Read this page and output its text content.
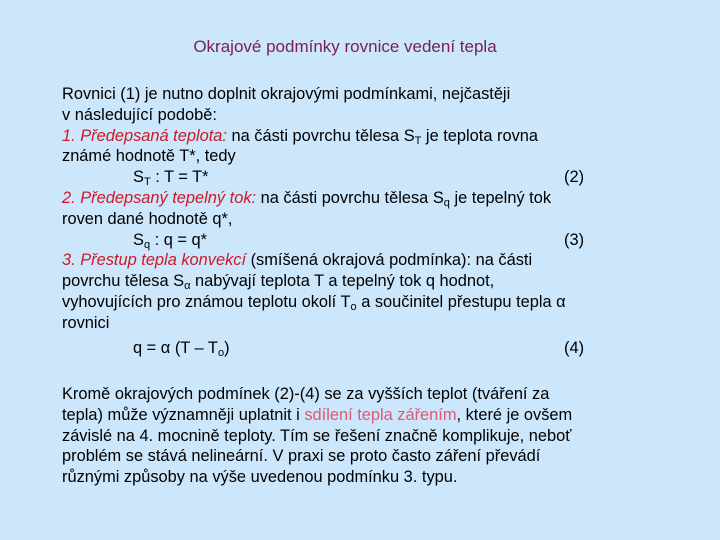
Okrajové podmínky rovnice vedení tepla
Rovnici (1) je nutno doplnit okrajovými podmínkami, nejčastěji
v následující podobě:
1. Předepsaná teplota: na části povrchu tělesa $S_T$ je teplota rovna
známé hodnotě T*, tedy
$S_T$ : T = T*	(2)
2. Předepsaný tepelný tok: na části povrchu tělesa $S_q$ je tepelný tok
roven dané hodnotě q*,
$S_q$ : q = q*	(3)
3. Přestup tepla konvekcí (smíšená okrajová podmínka): na části
povrchu tělesa $S_\alpha$ nabývají teplota T a tepelný tok q hodnot,
vyhovujících pro známou teplotu okolí $T_o$ a součinitel přestupu tepla α
rovnici
q = α $(T - T_o)$	(4)
Kromě okrajových podmínek (2)-(4) se za vyšších teplot (tváření za
tepla) může významněji uplatnit i sdílení tepla zářením, které je ovšem
závislé na 4. mocnině teploty. Tím se řešení značně komplikuje, neboť
problém se stává nelineární. V praxi se proto často záření převádí
různými způsoby na výše uvedenou podmínku 3. typu.
